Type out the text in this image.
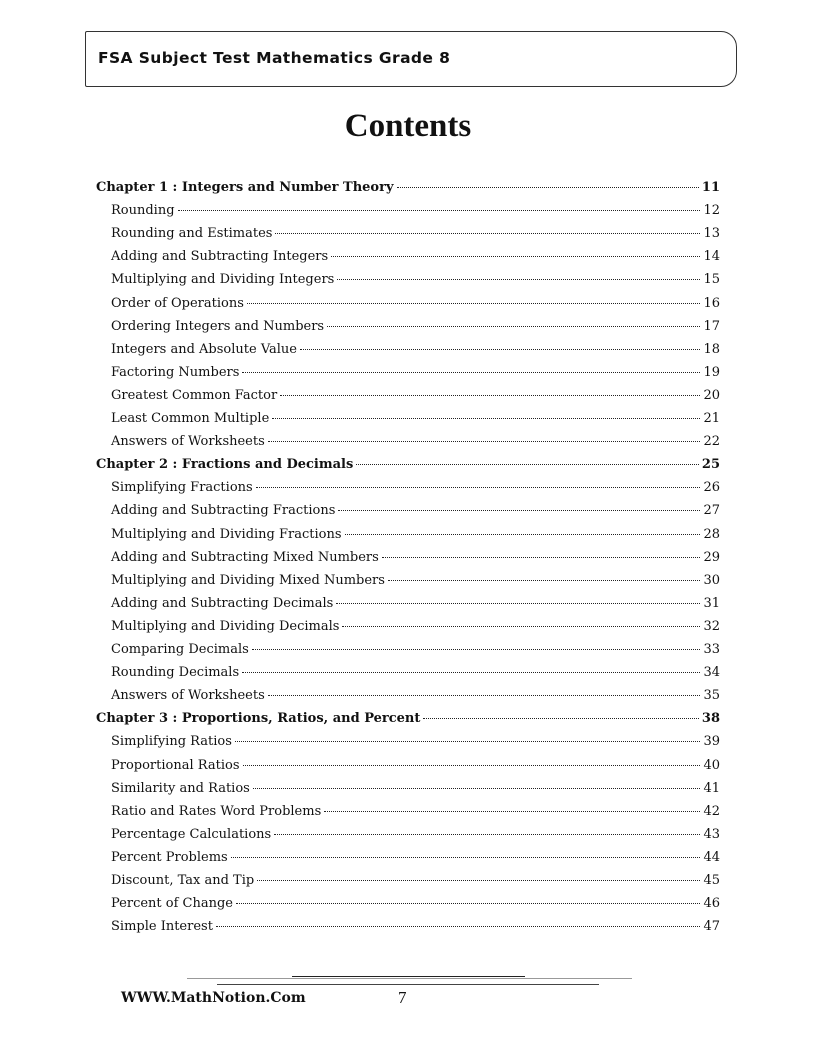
FSA Subject Test Mathematics Grade 8
Contents
Chapter 1 : Integers and Number Theory	11
Rounding	12
Rounding and Estimates	13
Adding and Subtracting Integers	14
Multiplying and Dividing Integers	15
Order of Operations	16
Ordering Integers and Numbers	17
Integers and Absolute Value	18
Factoring Numbers	19
Greatest Common Factor	20
Least Common Multiple	21
Answers of Worksheets	22
Chapter 2 : Fractions and Decimals	25
Simplifying Fractions	26
Adding and Subtracting Fractions	27
Multiplying and Dividing Fractions	28
Adding and Subtracting Mixed Numbers	29
Multiplying and Dividing Mixed Numbers	30
Adding and Subtracting Decimals	31
Multiplying and Dividing Decimals	32
Comparing Decimals	33
Rounding Decimals	34
Answers of Worksheets	35
Chapter 3 : Proportions, Ratios, and Percent	38
Simplifying Ratios	39
Proportional Ratios	40
Similarity and Ratios	41
Ratio and Rates Word Problems	42
Percentage Calculations	43
Percent Problems	44
Discount, Tax and Tip	45
Percent of Change	46
Simple Interest	47
WWW.MathNotion.Com	7
